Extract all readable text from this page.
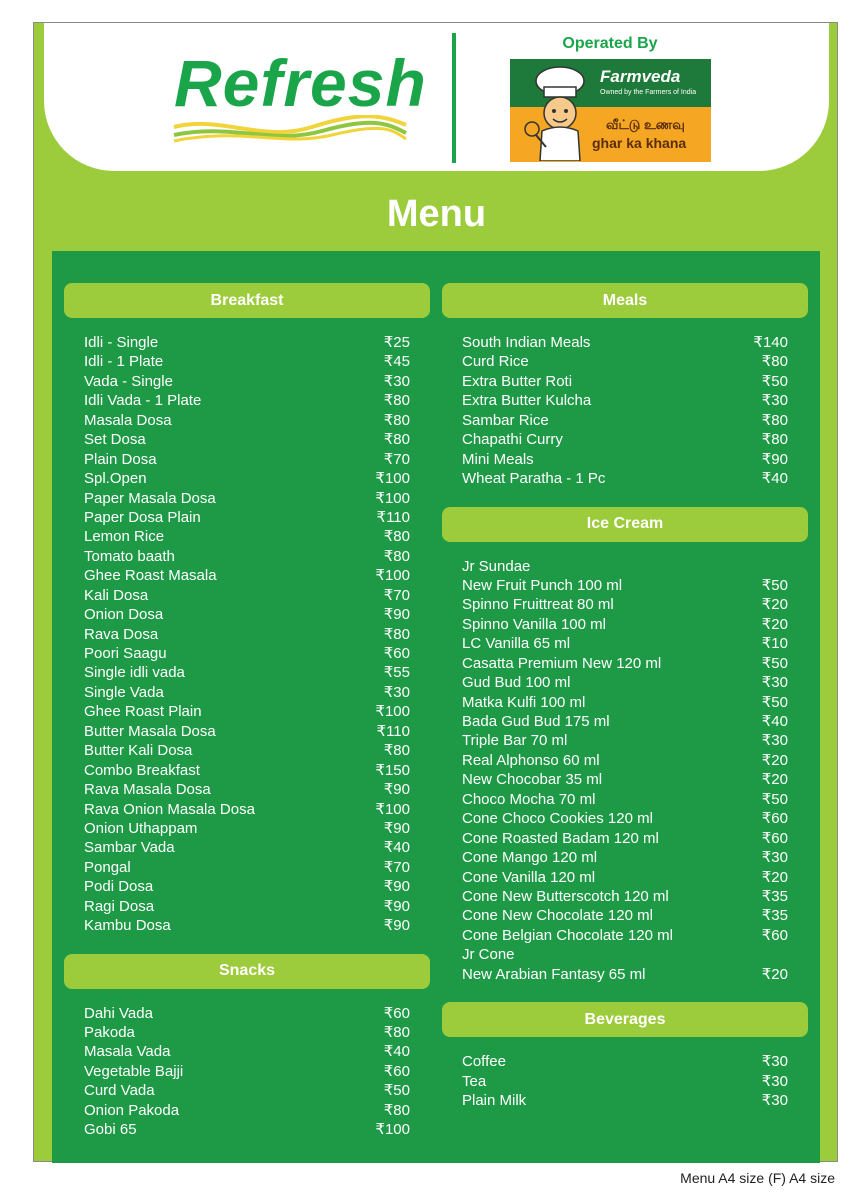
Refresh
Operated By
Farmveda
Owned by the Farmers of India
வீட்டு உணவு
ghar ka khana
Menu
Breakfast
Idli - Single	₹25
Idli - 1 Plate	₹45
Vada - Single	₹30
Idli Vada - 1 Plate	₹80
Masala Dosa	₹80
Set Dosa	₹80
Plain Dosa	₹70
Spl.Open	₹100
Paper Masala Dosa	₹100
Paper Dosa Plain	₹110
Lemon Rice	₹80
Tomato baath	₹80
Ghee Roast Masala	₹100
Kali Dosa	₹70
Onion Dosa	₹90
Rava Dosa	₹80
Poori Saagu	₹60
Single idli vada	₹55
Single Vada	₹30
Ghee Roast Plain	₹100
Butter Masala Dosa	₹110
Butter Kali Dosa	₹80
Combo Breakfast	₹150
Rava Masala Dosa	₹90
Rava Onion Masala Dosa	₹100
Onion Uthappam	₹90
Sambar Vada	₹40
Pongal	₹70
Podi Dosa	₹90
Ragi Dosa	₹90
Kambu Dosa	₹90
Snacks
Dahi Vada	₹60
Pakoda	₹80
Masala Vada	₹40
Vegetable Bajji	₹60
Curd Vada	₹50
Onion Pakoda	₹80
Gobi 65	₹100
Meals
South Indian Meals	₹140
Curd Rice	₹80
Extra Butter Roti	₹50
Extra Butter Kulcha	₹30
Sambar Rice	₹80
Chapathi Curry	₹80
Mini Meals	₹90
Wheat Paratha - 1 Pc	₹40
Ice Cream
Jr Sundae
New Fruit Punch 100 ml	₹50
Spinno Fruittreat 80 ml	₹20
Spinno Vanilla 100 ml	₹20
LC Vanilla 65 ml	₹10
Casatta Premium New 120 ml	₹50
Gud Bud 100 ml	₹30
Matka Kulfi 100 ml	₹50
Bada Gud Bud 175 ml	₹40
Triple Bar 70 ml	₹30
Real Alphonso 60 ml	₹20
New Chocobar 35 ml	₹20
Choco Mocha 70 ml	₹50
Cone Choco Cookies 120 ml	₹60
Cone Roasted Badam 120 ml	₹60
Cone Mango 120 ml	₹30
Cone Vanilla 120 ml	₹20
Cone New Butterscotch 120 ml	₹35
Cone New Chocolate 120 ml	₹35
Cone Belgian Chocolate 120 ml	₹60
Jr Cone
New Arabian Fantasy 65 ml	₹20
Beverages
Coffee	₹30
Tea	₹30
Plain Milk	₹30
Menu A4 size (F) A4 size
